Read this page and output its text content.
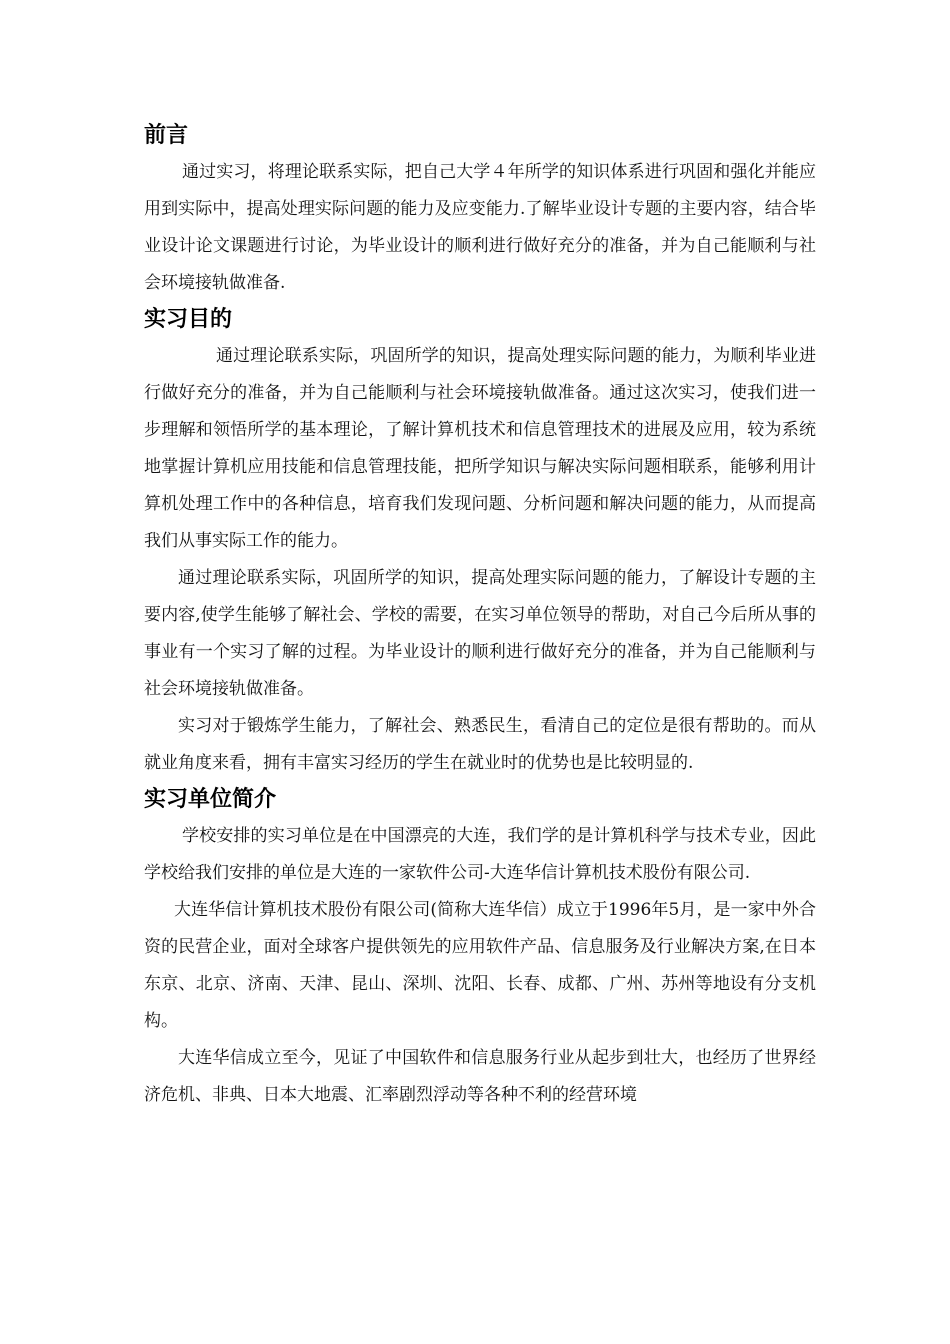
前言

通过实习，将理论联系实际，把自己大学４年所学的知识体系进行巩固和强化并能应用到实际中，提高处理实际问题的能力及应变能力.了解毕业设计专题的主要内容，结合毕业设计论文课题进行讨论，为毕业设计的顺利进行做好充分的准备，并为自己能顺利与社会环境接轨做准备.

实习目的

通过理论联系实际，巩固所学的知识，提高处理实际问题的能力，为顺利毕业进行做好充分的准备，并为自己能顺利与社会环境接轨做准备。通过这次实习，使我们进一步理解和领悟所学的基本理论，了解计算机技术和信息管理技术的进展及应用，较为系统地掌握计算机应用技能和信息管理技能，把所学知识与解决实际问题相联系，能够利用计算机处理工作中的各种信息，培育我们发现问题、分析问题和解决问题的能力，从而提高我们从事实际工作的能力。

通过理论联系实际，巩固所学的知识，提高处理实际问题的能力，了解设计专题的主要内容,使学生能够了解社会、学校的需要，在实习单位领导的帮助，对自己今后所从事的事业有一个实习了解的过程。为毕业设计的顺利进行做好充分的准备，并为自己能顺利与社会环境接轨做准备。

实习对于锻炼学生能力，了解社会、熟悉民生，看清自己的定位是很有帮助的。而从就业角度来看，拥有丰富实习经历的学生在就业时的优势也是比较明显的.

实习单位简介

学校安排的实习单位是在中国漂亮的大连，我们学的是计算机科学与技术专业，因此学校给我们安排的单位是大连的一家软件公司-大连华信计算机技术股份有限公司.

大连华信计算机技术股份有限公司(简称大连华信）成立于1996年5月，是一家中外合资的民营企业，面对全球客户提供领先的应用软件产品、信息服务及行业解决方案,在日本东京、北京、济南、天津、昆山、深圳、沈阳、长春、成都、广州、苏州等地设有分支机构。

大连华信成立至今，见证了中国软件和信息服务行业从起步到壮大，也经历了世界经济危机、非典、日本大地震、汇率剧烈浮动等各种不利的经营环境
